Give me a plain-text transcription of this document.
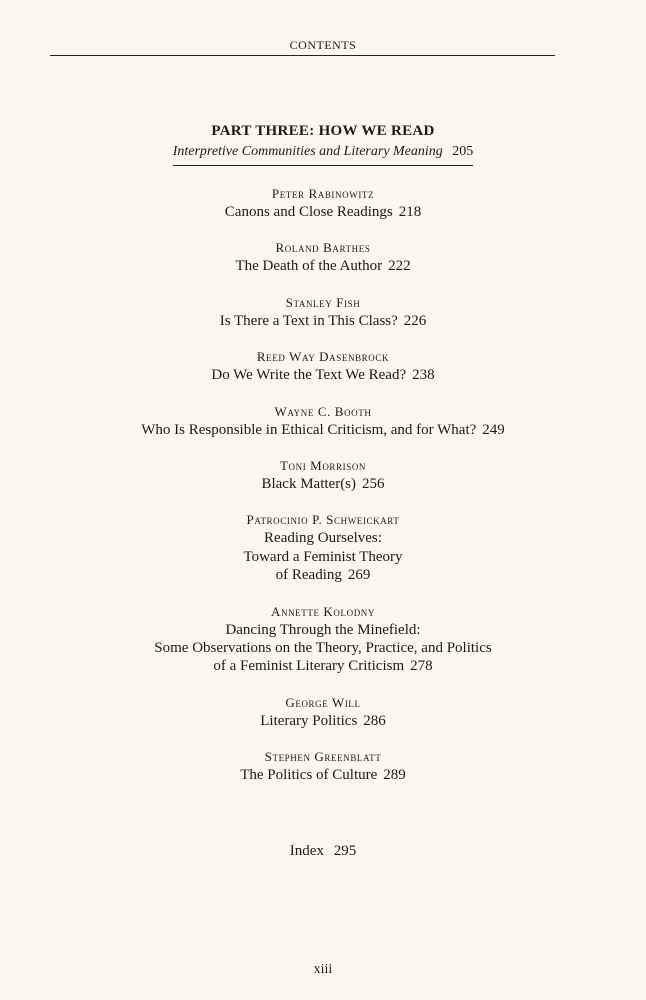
CONTENTS
PART THREE: HOW WE READ
Interpretive Communities and Literary Meaning 205
Peter Rabinowitz
Canons and Close Readings 218
Roland Barthes
The Death of the Author 222
Stanley Fish
Is There a Text in This Class? 226
Reed Way Dasenbrock
Do We Write the Text We Read? 238
Wayne C. Booth
Who Is Responsible in Ethical Criticism, and for What? 249
Toni Morrison
Black Matter(s) 256
Patrocinio P. Schweickart
Reading Ourselves:
Toward a Feminist Theory
of Reading 269
Annette Kolodny
Dancing Through the Minefield:
Some Observations on the Theory, Practice, and Politics
of a Feminist Literary Criticism 278
George Will
Literary Politics 286
Stephen Greenblatt
The Politics of Culture 289
Index 295
xiii
